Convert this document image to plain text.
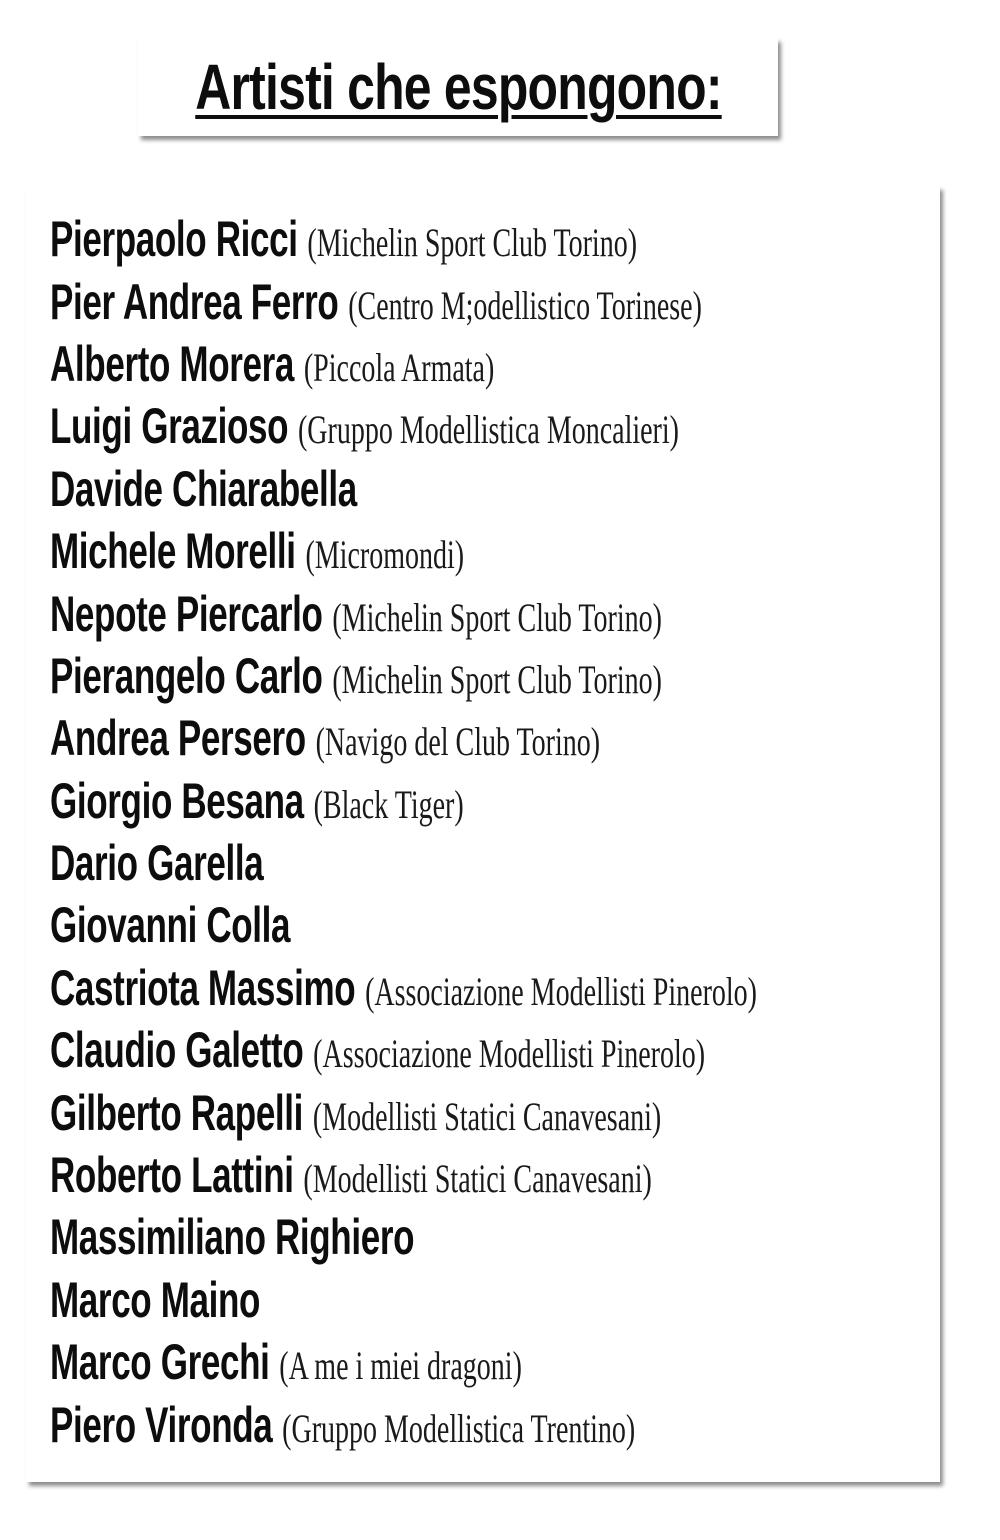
Artisti che espongono:
Pierpaolo Ricci (Michelin Sport Club Torino)
Pier Andrea Ferro (Centro M;odellistico Torinese)
Alberto Morera (Piccola Armata)
Luigi Grazioso (Gruppo Modellistica Moncalieri)
Davide Chiarabella
Michele Morelli (Micromondi)
Nepote Piercarlo (Michelin Sport Club Torino)
Pierangelo Carlo (Michelin Sport Club Torino)
Andrea Persero (Navigo del Club Torino)
Giorgio Besana (Black Tiger)
Dario Garella
Giovanni Colla
Castriota Massimo (Associazione Modellisti Pinerolo)
Claudio Galetto (Associazione Modellisti Pinerolo)
Gilberto Rapelli (Modellisti Statici Canavesani)
Roberto Lattini (Modellisti Statici Canavesani)
Massimiliano Righiero
Marco Maino
Marco Grechi (A me i miei dragoni)
Piero Vironda (Gruppo Modellistica Trentino)
